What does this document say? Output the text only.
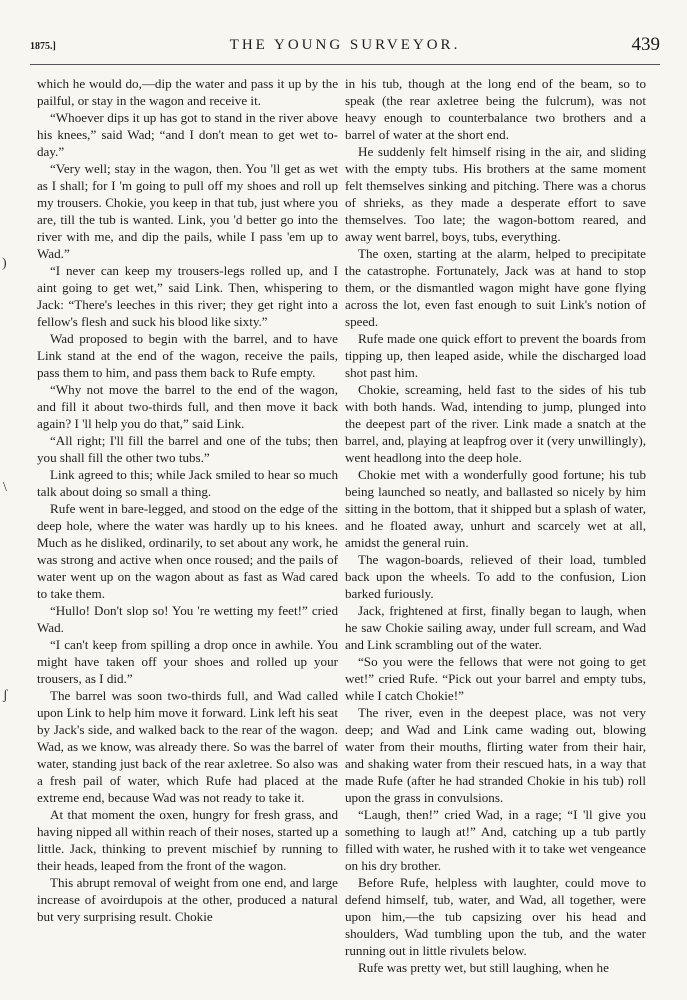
1875.]	THE YOUNG SURVEYOR.	439
)
\
ʃ

which he would do,—dip the water and pass it up by the pailful, or stay in the wagon and receive it.

“Whoever dips it up has got to stand in the river above his knees,” said Wad; “and I don't mean to get wet to-day.”

“Very well; stay in the wagon, then. You 'll get as wet as I shall; for I 'm going to pull off my shoes and roll up my trousers. Chokie, you keep in that tub, just where you are, till the tub is wanted. Link, you 'd better go into the river with me, and dip the pails, while I pass 'em up to Wad.”

“I never can keep my trousers-legs rolled up, and I aint going to get wet,” said Link. Then, whispering to Jack: “There's leeches in this river; they get right into a fellow's flesh and suck his blood like sixty.”

Wad proposed to begin with the barrel, and to have Link stand at the end of the wagon, receive the pails, pass them to him, and pass them back to Rufe empty.

“Why not move the barrel to the end of the wagon, and fill it about two-thirds full, and then move it back again? I 'll help you do that,” said Link.

“All right; I'll fill the barrel and one of the tubs; then you shall fill the other two tubs.”

Link agreed to this; while Jack smiled to hear so much talk about doing so small a thing.

Rufe went in bare-legged, and stood on the edge of the deep hole, where the water was hardly up to his knees. Much as he disliked, ordinarily, to set about any work, he was strong and active when once roused; and the pails of water went up on the wagon about as fast as Wad cared to take them.

“Hullo! Don't slop so! You 're wetting my feet!” cried Wad.

“I can't keep from spilling a drop once in awhile. You might have taken off your shoes and rolled up your trousers, as I did.”

The barrel was soon two-thirds full, and Wad called upon Link to help him move it forward. Link left his seat by Jack's side, and walked back to the rear of the wagon. Wad, as we know, was already there. So was the barrel of water, standing just back of the rear axletree. So also was a fresh pail of water, which Rufe had placed at the extreme end, because Wad was not ready to take it.

At that moment the oxen, hungry for fresh grass, and having nipped all within reach of their noses, started up a little. Jack, thinking to prevent mischief by running to their heads, leaped from the front of the wagon.

This abrupt removal of weight from one end, and large increase of avoirdupois at the other, produced a natural but very surprising result. Chokie

in his tub, though at the long end of the beam, so to speak (the rear axletree being the fulcrum), was not heavy enough to counterbalance two brothers and a barrel of water at the short end.

He suddenly felt himself rising in the air, and sliding with the empty tubs. His brothers at the same moment felt themselves sinking and pitching. There was a chorus of shrieks, as they made a desperate effort to save themselves. Too late; the wagon-bottom reared, and away went barrel, boys, tubs, everything.

The oxen, starting at the alarm, helped to precipitate the catastrophe. Fortunately, Jack was at hand to stop them, or the dismantled wagon might have gone flying across the lot, even fast enough to suit Link's notion of speed.

Rufe made one quick effort to prevent the boards from tipping up, then leaped aside, while the discharged load shot past him.

Chokie, screaming, held fast to the sides of his tub with both hands. Wad, intending to jump, plunged into the deepest part of the river. Link made a snatch at the barrel, and, playing at leapfrog over it (very unwillingly), went headlong into the deep hole.

Chokie met with a wonderfully good fortune; his tub being launched so neatly, and ballasted so nicely by him sitting in the bottom, that it shipped but a splash of water, and he floated away, unhurt and scarcely wet at all, amidst the general ruin.

The wagon-boards, relieved of their load, tumbled back upon the wheels. To add to the confusion, Lion barked furiously.

Jack, frightened at first, finally began to laugh, when he saw Chokie sailing away, under full scream, and Wad and Link scrambling out of the water.

“So you were the fellows that were not going to get wet!” cried Rufe. “Pick out your barrel and empty tubs, while I catch Chokie!”

The river, even in the deepest place, was not very deep; and Wad and Link came wading out, blowing water from their mouths, flirting water from their hair, and shaking water from their rescued hats, in a way that made Rufe (after he had stranded Chokie in his tub) roll upon the grass in convulsions.

“Laugh, then!” cried Wad, in a rage; “I 'll give you something to laugh at!” And, catching up a tub partly filled with water, he rushed with it to take wet vengeance on his dry brother.

Before Rufe, helpless with laughter, could move to defend himself, tub, water, and Wad, all together, were upon him,—the tub capsizing over his head and shoulders, Wad tumbling upon the tub, and the water running out in little rivulets below.

Rufe was pretty wet, but still laughing, when he
